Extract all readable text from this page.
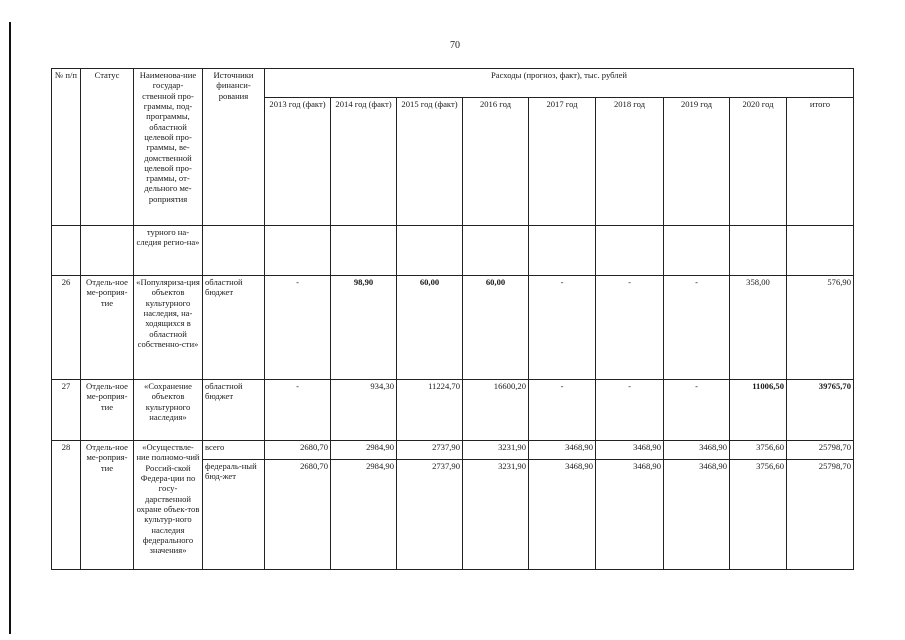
70
№ п/п	Статус	Наименова-ние государ-ственной про-граммы, под-программы, областной целевой про-граммы, ве-домственной целевой про-граммы, от-дельного ме-роприятия	Источники финанси-рования	Расходы (прогноз, факт), тыс. рублей								
				2013 год (факт)	2014 год (факт)	2015 год (факт)	2016 год	2017 год	2018 год	2019 год	2020 год	итого
		турного на-следия регио-на»										
26	Отдель-ное ме-роприя-тие	«Популяриза-ция объектов культурного наследия, на-ходящихся в областной собственно-сти»	областной бюджет	-	98,90	60,00	60,00	-	-	-	358,00	576,90
27	Отдель-ное ме-роприя-тие	«Сохранение объектов культурного наследия»	областной бюджет	-	934,30	11224,70	16600,20	-	-	-	11006,50	39765,70
28	Отдель-ное ме-роприя-тие	«Осуществле-ние полномо-чий Россий-ской Федера-ции по госу-дарственной охране объек-тов культур-ного наследия федерального значения»	всего	2680,70	2984,90	2737,90	3231,90	3468,90	3468,90	3468,90	3756,60	25798,70
			федераль-ный бюд-жет	2680,70	2984,90	2737,90	3231,90	3468,90	3468,90	3468,90	3756,60	25798,70
